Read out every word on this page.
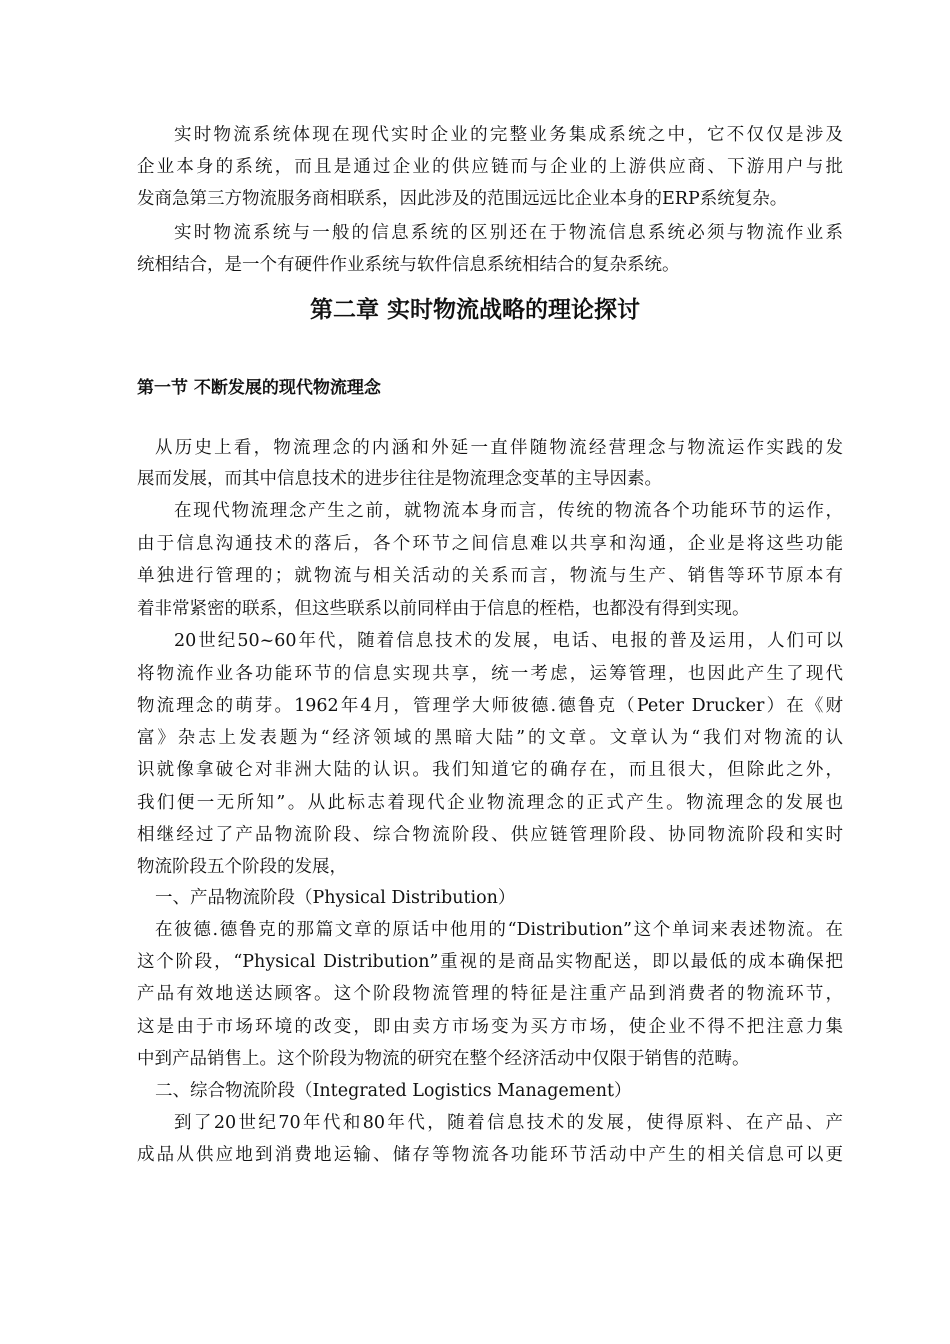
实时物流系统体现在现代实时企业的完整业务集成系统之中，它不仅仅是涉及
企业本身的系统，而且是通过企业的供应链而与企业的上游供应商、下游用户与批
发商急第三方物流服务商相联系，因此涉及的范围远远比企业本身的ERP系统复杂。
实时物流系统与一般的信息系统的区别还在于物流信息系统必须与物流作业系
统相结合，是一个有硬件作业系统与软件信息系统相结合的复杂系统。
第二章 实时物流战略的理论探讨
第一节 不断发展的现代物流理念
从历史上看，物流理念的内涵和外延一直伴随物流经营理念与物流运作实践的发
展而发展，而其中信息技术的进步往往是物流理念变革的主导因素。
在现代物流理念产生之前，就物流本身而言，传统的物流各个功能环节的运作，
由于信息沟通技术的落后，各个环节之间信息难以共享和沟通，企业是将这些功能
单独进行管理的；就物流与相关活动的关系而言，物流与生产、销售等环节原本有
着非常紧密的联系，但这些联系以前同样由于信息的桎梏，也都没有得到实现。
20世纪50~60年代，随着信息技术的发展，电话、电报的普及运用，人们可以
将物流作业各功能环节的信息实现共享，统一考虑，运筹管理，也因此产生了现代
物流理念的萌芽。1962年4月，管理学大师彼德.德鲁克（Peter Drucker）在《财
富》杂志上发表题为“经济领域的黑暗大陆”的文章。文章认为“我们对物流的认
识就像拿破仑对非洲大陆的认识。我们知道它的确存在，而且很大，但除此之外，
我们便一无所知”。从此标志着现代企业物流理念的正式产生。物流理念的发展也
相继经过了产品物流阶段、综合物流阶段、供应链管理阶段、协同物流阶段和实时
物流阶段五个阶段的发展，
一、产品物流阶段（Physical Distribution）
在彼德.德鲁克的那篇文章的原话中他用的“Distribution”这个单词来表述物流。在
这个阶段，“Physical Distribution”重视的是商品实物配送，即以最低的成本确保把
产品有效地送达顾客。这个阶段物流管理的特征是注重产品到消费者的物流环节，
这是由于市场环境的改变，即由卖方市场变为买方市场，使企业不得不把注意力集
中到产品销售上。这个阶段为物流的研究在整个经济活动中仅限于销售的范畴。
二、综合物流阶段（Integrated Logistics Management）
到了20世纪70年代和80年代，随着信息技术的发展，使得原料、在产品、产
成品从供应地到消费地运输、储存等物流各功能环节活动中产生的相关信息可以更
